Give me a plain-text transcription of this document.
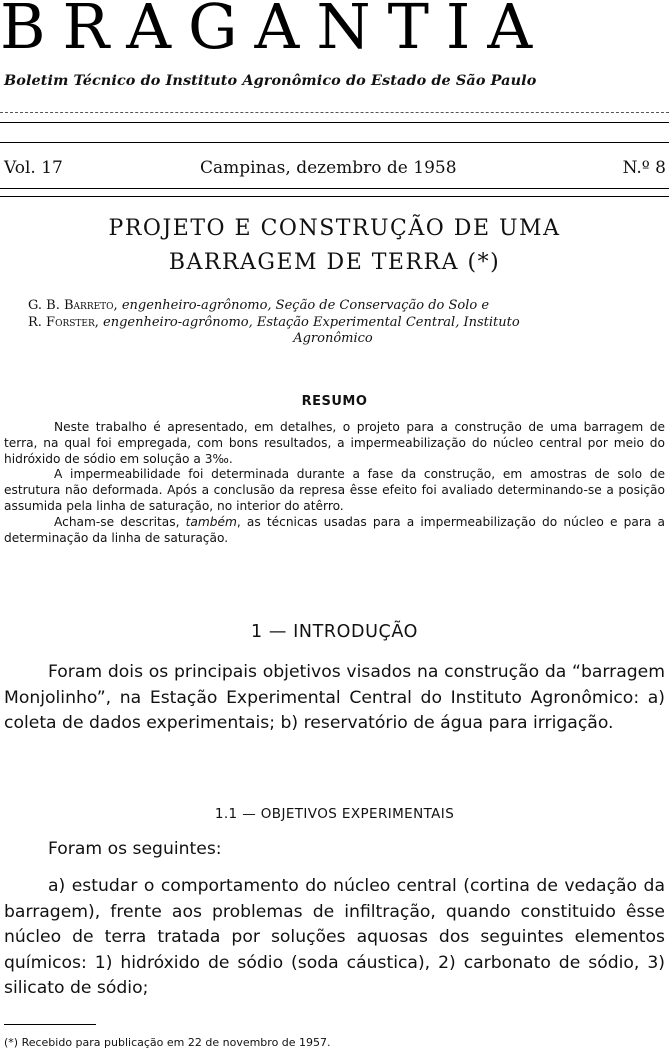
BRAGANTIA
Boletim Técnico do Instituto Agronômico do Estado de São Paulo
Vol. 17	Campinas, dezembro de 1958	N.º 8
PROJETO E CONSTRUÇÃO DE UMA
BARRAGEM DE TERRA (*)
G. B. Barreto, engenheiro-agrônomo, Seção de Conservação do Solo e
R. Forster, engenheiro-agrônomo, Estação Experimental Central, Instituto
Agronômico
RESUMO

Neste trabalho é apresentado, em detalhes, o projeto para a construção de uma barragem de terra, na qual foi empregada, com bons resultados, a impermeabilização do núcleo central por meio do hidróxido de sódio em solução a 3‰.

A impermeabilidade foi determinada durante a fase da construção, em amostras de solo de estrutura não deformada. Após a conclusão da represa êsse efeito foi avaliado determinando-se a posição assumida pela linha de saturação, no interior do atêrro.

Acham-se descritas, também, as técnicas usadas para a impermeabilização do núcleo e para a determinação da linha de saturação.

1 — INTRODUÇÃO

Foram dois os principais objetivos visados na construção da “barragem Monjolinho”, na Estação Experimental Central do Instituto Agronômico: a) coleta de dados experimentais; b) reservatório de água para irrigação.

1.1 — OBJETIVOS EXPERIMENTAIS

Foram os seguintes:

a) estudar o comportamento do núcleo central (cortina de vedação da barragem), frente aos problemas de infiltração, quando constituido êsse núcleo de terra tratada por soluções aquosas dos seguintes elementos químicos: 1) hidróxido de sódio (soda cáustica), 2) carbonato de sódio, 3) silicato de sódio;

(*) Recebido para publicação em 22 de novembro de 1957.
